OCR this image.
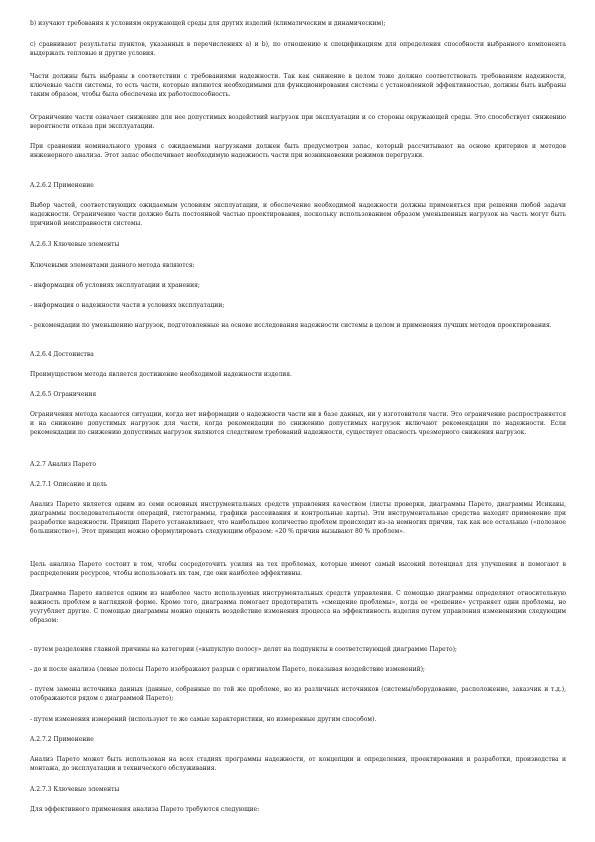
b) изучают требования к условиям окружающей среды для других изделий (климатическим и динамическим);

c) сравнивают результаты пунктов, указанных в перечислениях a) и b), по отношению к спецификациям для определения способности выбранного компонента выдержать тепловые и другие условия.

Части должны быть выбраны в соответствии с требованиями надежности. Так как снижение в целом тоже должно соответствовать требованиям надежности, ключевые части системы, то есть части, которые являются необходимыми для функционирования системы с установленной эффективностью, должны быть выбраны таким образом, чтобы была обеспечена их работоспособность.

Ограничение части означает снижение для нее допустимых воздействий нагрузок при эксплуатации и со стороны окружающей среды. Это способствует снижению вероятности отказа при эксплуатации.

При сравнении номинального уровня с ожидаемыми нагрузками должен быть предусмотрен запас, который рассчитывают на основе критериев и методов инженерного анализа. Этот запас обеспечивает необходимую надежность части при возникновении режимов перегрузки.

A.2.6.2 Применение

Выбор частей, соответствующих ожидаемым условиям эксплуатации, и обеспечение необходимой надежности должны применяться при решении любой задачи надежности. Ограничение части должно быть постоянной частью проектирования, поскольку использованием образом уменьшенных нагрузок на часть могут быть причиной неисправности системы.

A.2.6.3 Ключевые элементы

Ключевыми элементами данного метода являются:

- информация об условиях эксплуатации и хранения;

- информация о надежности части в условиях эксплуатации;

- рекомендации по уменьшению нагрузок, подготовленные на основе исследования надежности системы в целом и применения лучших методов проектирования.

A.2.6.4 Достоинства

Преимуществом метода является достижение необходимой надежности изделия.

A.2.6.5 Ограничения

Ограничения метода касаются ситуации, когда нет информации о надежности части ни в базе данных, ни у изготовителя части. Это ограничение распространяется и на снижение допустимых нагрузок для части, когда рекомендации по снижению допустимых нагрузок включают рекомендации по надежности. Если рекомендации по снижению допустимых нагрузок являются следствием требований надежности, существует опасность чрезмерного снижения нагрузок.

A.2.7 Анализ Парето

A.2.7.1 Описание и цель

Анализ Парето является одним из семи основных инструментальных средств управления качеством (листы проверки, диаграммы Парето, диаграммы Исикавы, диаграммы последовательности операций, гистограммы, графики рассеивания и контрольные карты). Эти инструментальные средства находят применение при разработке надежности. Принцип Парето устанавливает, что наибольшее количество проблем происходит из-за немногих причин, так как все остальные («полезное большинство»). Этот принцип можно сформулировать следующим образом: «20 % причин вызывают 80 % проблем».

Цель анализа Парето состоит в том, чтобы сосредоточить усилия на тех проблемах, которые имеют самый высокий потенциал для улучшения и помогают в распределении ресурсов, чтобы использовать их там, где они наиболее эффективны.

Диаграмма Парето является одним из наиболее часто используемых инструментальных средств управления. С помощью диаграммы определяют относительную важность проблем в наглядной форме. Кроме того, диаграмма помогает предотвратить «смещение проблемы», когда ее «решение» устраняет одни проблемы, но усугубляет другие. С помощью диаграммы можно оценить воздействие изменения процесса на эффективность изделия путем управления изменениями следующим образом:

- путем разделения главной причины на категории («выпуклую полосу» делят на подпункты в соответствующей диаграмме Парето);

- до и после анализа (левые полосы Парето изображают разрыв с оригиналом Парето, показывая воздействие изменений);

- путем замены источника данных (данные, собранные по той же проблеме, но из различных источников (системы/оборудование, расположение, заказчик и т.д.), отображаются рядом с диаграммой Парето);

- путем изменения измерений (используют те же самые характеристики, но измеренные другим способом).

A.2.7.2 Применение

Анализ Парето может быть использован на всех стадиях программы надежности, от концепции и определения, проектирования и разработки, производства и монтажа, до эксплуатации и технического обслуживания.

A.2.7.3 Ключевые элементы

Для эффективного применения анализа Парето требуются следующие:
